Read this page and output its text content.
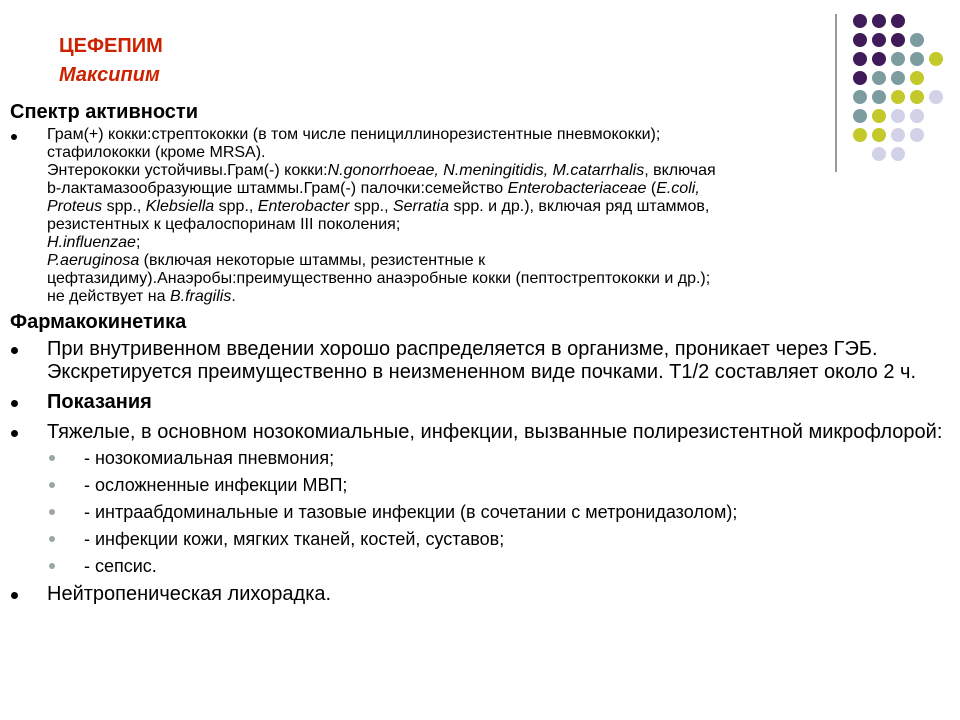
ЦЕФЕПИМ
Максипим
Спектр активности
Грам(+) кокки:стрептококки (в том числе пенициллинорезистентные пневмококки);
стафилококки (кроме MRSA).
Энтерококки устойчивы.Грам(-) кокки:N.gonorrhoeae, N.meningitidis, M.catarrhalis, включая
b-лактамазообразующие штаммы.Грам(-) палочки:семейство Enterobacteriaceae (E.coli,
Proteus spp., Klebsiella spp., Enterobacter spp., Serratia spp. и др.), включая ряд штаммов,
резистентных к цефалоспоринам III поколения;
H.influenzae;
P.aeruginosa (включая некоторые штаммы, резистентные к
цефтазидиму).Анаэробы:преимущественно анаэробные кокки (пептострептококки и др.);
не действует на B.fragilis.
Фармакокинетика
При внутривенном введении хорошо распределяется в организме, проникает через ГЭБ. Экскретируется преимущественно в неизмененном виде почками. Т1/2 составляет около 2 ч.
Показания
Тяжелые, в основном нозокомиальные, инфекции, вызванные полирезистентной микрофлорой:
- нозокомиальная пневмония;
- осложненные инфекции МВП;
- интраабдоминальные и тазовые инфекции (в сочетании с метронидазолом);
- инфекции кожи, мягких тканей, костей, суставов;
- сепсис.
Нейтропеническая лихорадка.
